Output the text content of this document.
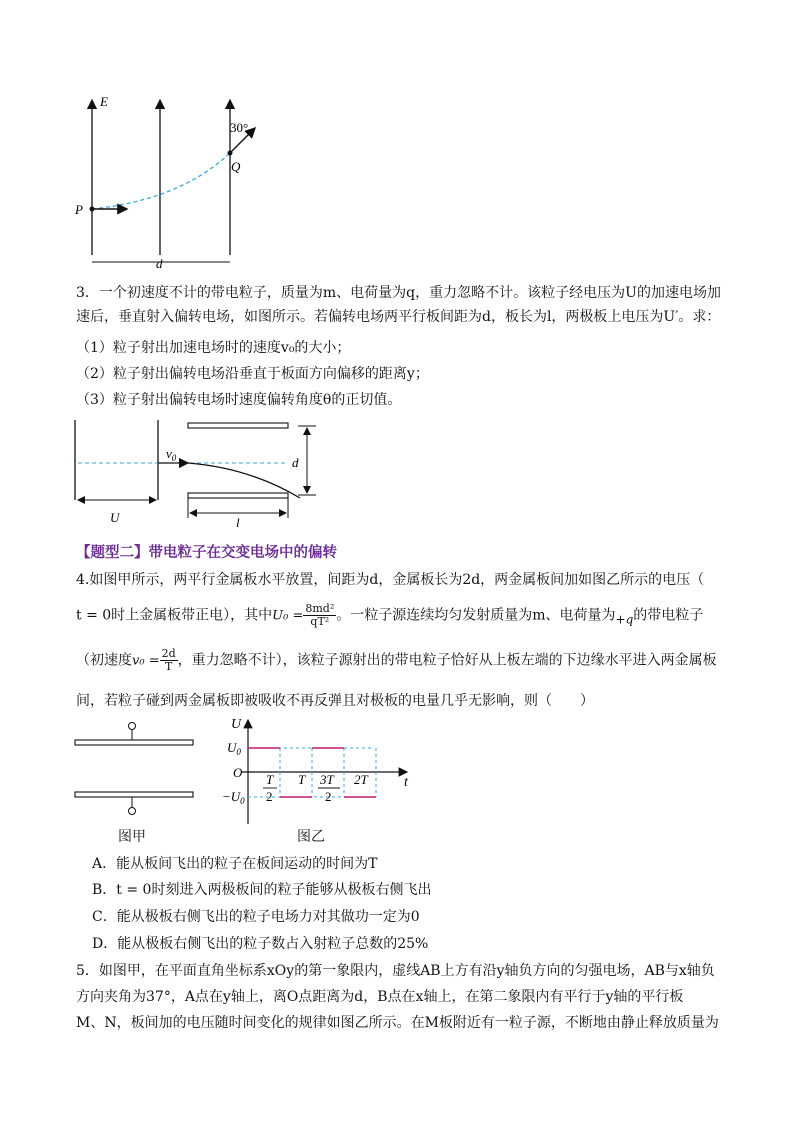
E
30°
Q
P
d
3．一个初速度不计的带电粒子，质量为m、电荷量为q，重力忽略不计。该粒子经电压为U的加速电场加
速后，垂直射入偏转电场，如图所示。若偏转电场两平行板间距为d，板长为l，两极板上电压为U′。求：
（1）粒子射出加速电场时的速度v₀的大小；
（2）粒子射出偏转电场沿垂直于板面方向偏移的距离y；
（3）粒子射出偏转电场时速度偏转角度θ的正切值。
$v_0$	d
U	l
【题型二】带电粒子在交变电场中的偏转
4.如图甲所示，两平行金属板水平放置，间距为d，金属板长为2d，两金属板间加如图乙所示的电压（
t = 0时上金属板带正电），其中$U_0 = \frac{\text{8md²}}{\text{qT²}}$ 。一粒子源连续均匀发射质量为m、电荷量为+q的带电粒子
（初速度$v_0 = \frac{2d}{T}$ ，重力忽略不计），该粒子源射出的带电粒子恰好从上板左端的下边缘水平进入两金属板
间，若粒子碰到两金属板即被吸收不再反弹且对极板的电量几乎无影响，则（　　）
图甲
U
$U_0$
O
$-U_0$
t
T
2
T 3T
2
2T
图乙
A．能从板间飞出的粒子在板间运动的时间为T
B．t = 0时刻进入两极板间的粒子能够从极板右侧飞出
C．能从极板右侧飞出的粒子电场力对其做功一定为0
D．能从极板右侧飞出的粒子数占入射粒子总数的25%
5．如图甲，在平面直角坐标系xOy的第一象限内，虚线AB上方有沿y轴负方向的匀强电场，AB与x轴负
方向夹角为37°，A点在y轴上，离O点距离为d，B点在x轴上，在第二象限内有平行于y轴的平行板
M、N，板间加的电压随时间变化的规律如图乙所示。在M板附近有一粒子源，不断地由静止释放质量为
